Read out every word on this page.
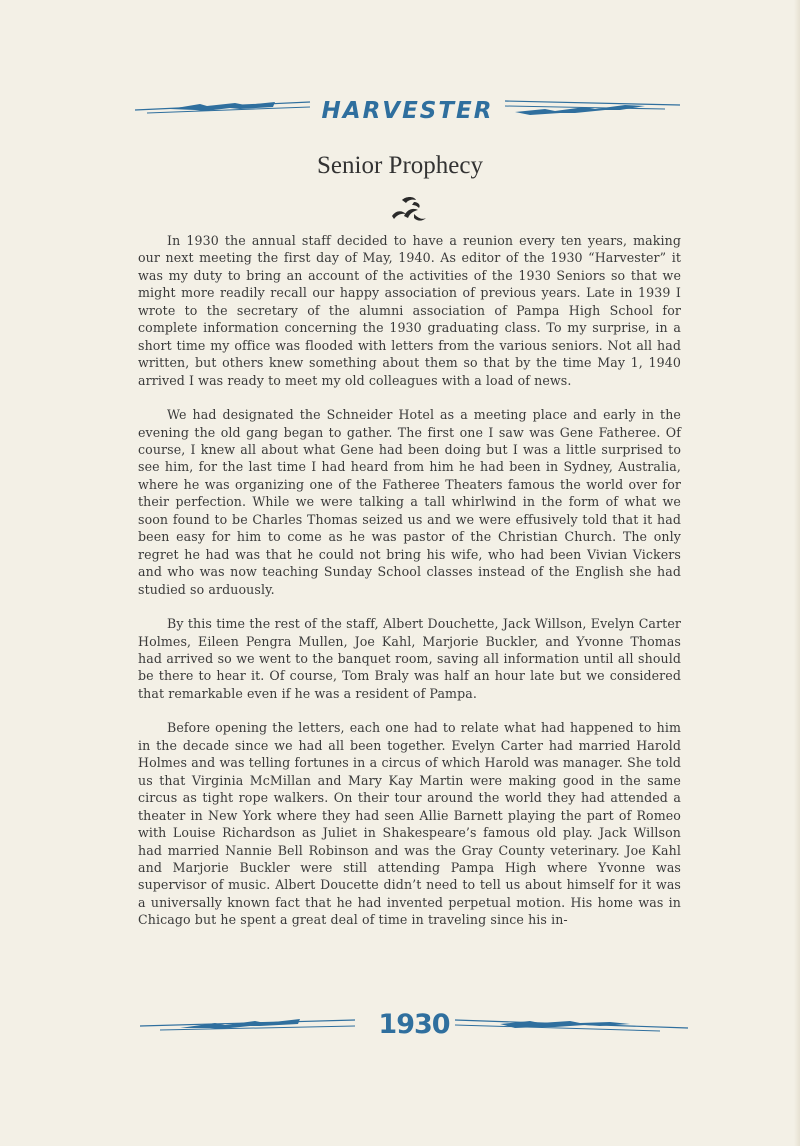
HARVESTER
Senior Prophecy

In 1930 the annual staff decided to have a reunion every ten years, making our next meeting the first day of May, 1940. As editor of the 1930 “Harvester” it was my duty to bring an account of the activities of the 1930 Seniors so that we might more readily recall our happy association of previous years. Late in 1939 I wrote to the secretary of the alumni association of Pampa High School for complete information concerning the 1930 graduating class. To my surprise, in a short time my office was flooded with letters from the various seniors. Not all had written, but others knew something about them so that by the time May 1, 1940 arrived I was ready to meet my old colleagues with a load of news.

We had designated the Schneider Hotel as a meeting place and early in the evening the old gang began to gather. The first one I saw was Gene Fatheree. Of course, I knew all about what Gene had been doing but I was a little surprised to see him, for the last time I had heard from him he had been in Sydney, Australia, where he was organizing one of the Fatheree Theaters famous the world over for their perfection. While we were talking a tall whirlwind in the form of what we soon found to be Charles Thomas seized us and we were effusively told that it had been easy for him to come as he was pastor of the Christian Church. The only regret he had was that he could not bring his wife, who had been Vivian Vickers and who was now teaching Sunday School classes instead of the English she had studied so arduously.

By this time the rest of the staff, Albert Douchette, Jack Willson, Evelyn Carter Holmes, Eileen Pengra Mullen, Joe Kahl, Marjorie Buckler, and Yvonne Thomas had arrived so we went to the banquet room, saving all information until all should be there to hear it. Of course, Tom Braly was half an hour late but we considered that remarkable even if he was a resident of Pampa.

Before opening the letters, each one had to relate what had happened to him in the decade since we had all been together. Evelyn Carter had married Harold Holmes and was telling fortunes in a circus of which Harold was manager. She told us that Virginia McMillan and Mary Kay Martin were making good in the same circus as tight rope walkers. On their tour around the world they had attended a theater in New York where they had seen Allie Barnett playing the part of Romeo with Louise Richardson as Juliet in Shakespeare’s famous old play. Jack Willson had married Nannie Bell Robinson and was the Gray County veterinary. Joe Kahl and Marjorie Buckler were still attending Pampa High where Yvonne was supervisor of music. Albert Doucette didn’t need to tell us about himself for it was a universally known fact that he had invented perpetual motion. His home was in Chicago but he spent a great deal of time in traveling since his in-

1930
